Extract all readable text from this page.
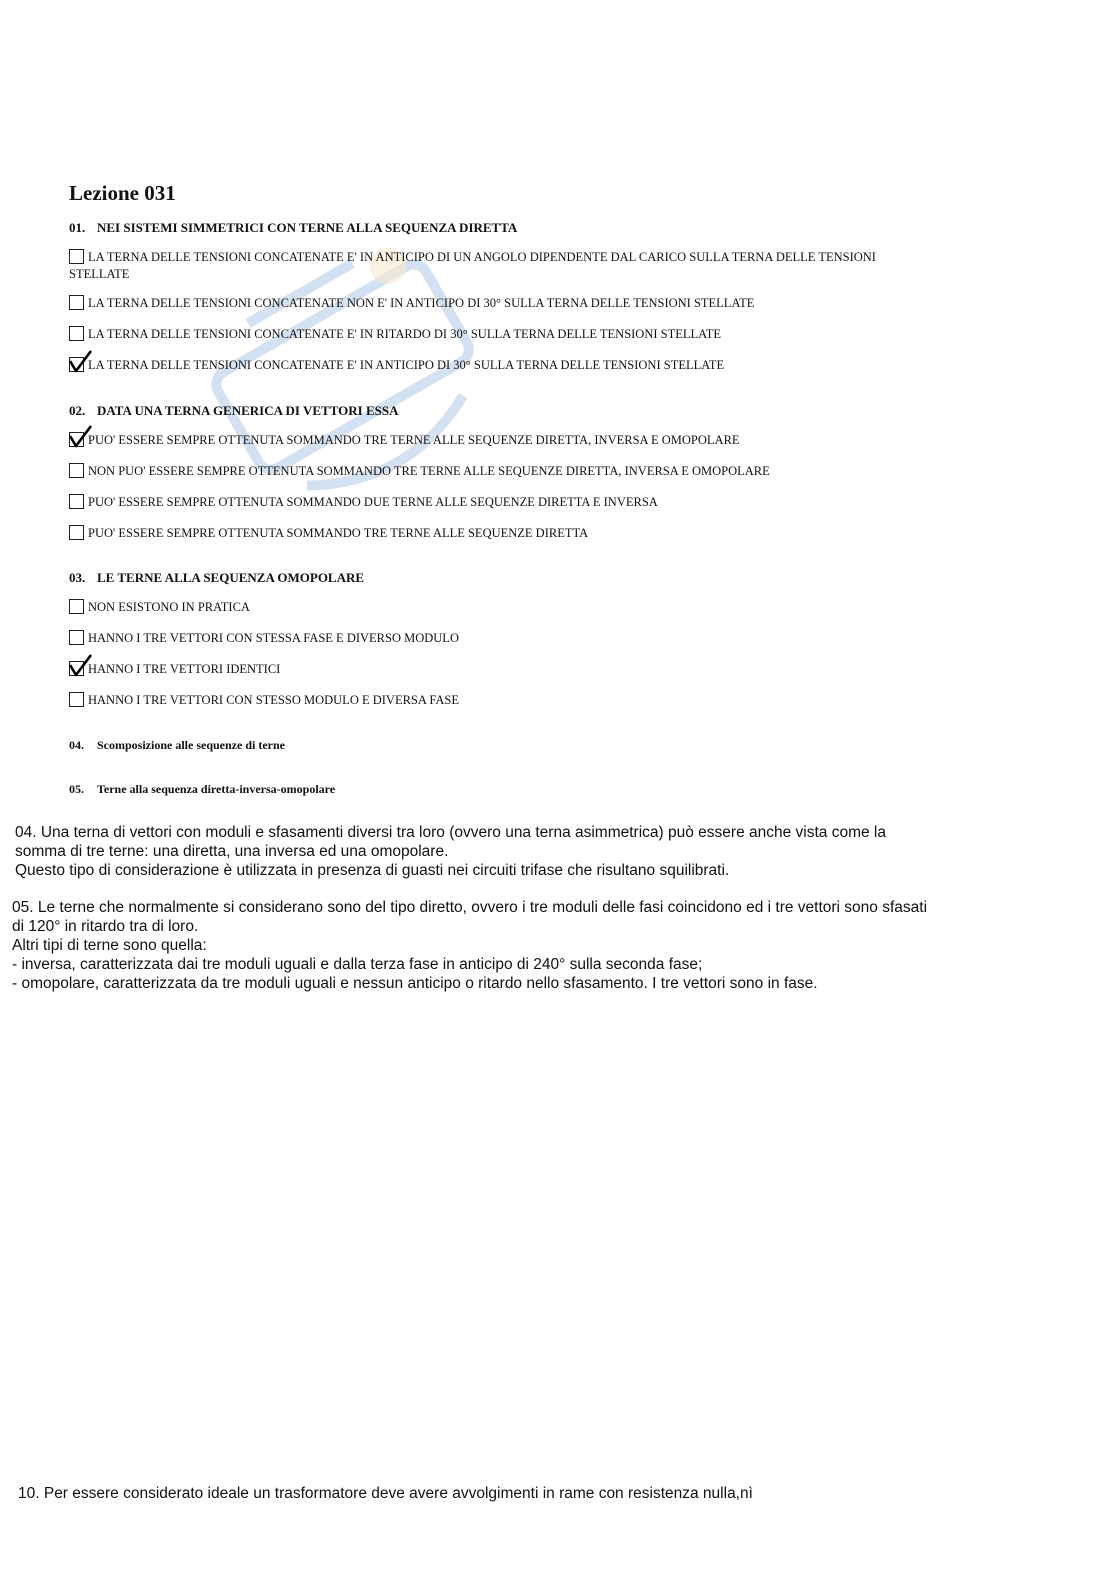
Lezione 031
01. NEI SISTEMI SIMMETRICI CON TERNE ALLA SEQUENZA DIRETTA
LA TERNA DELLE TENSIONI CONCATENATE E' IN ANTICIPO DI UN ANGOLO DIPENDENTE DAL CARICO SULLA TERNA DELLE TENSIONI
STELLATE
LA TERNA DELLE TENSIONI CONCATENATE NON E' IN ANTICIPO DI 30° SULLA TERNA DELLE TENSIONI STELLATE
LA TERNA DELLE TENSIONI CONCATENATE E' IN RITARDO DI 30° SULLA TERNA DELLE TENSIONI STELLATE
LA TERNA DELLE TENSIONI CONCATENATE E' IN ANTICIPO DI 30° SULLA TERNA DELLE TENSIONI STELLATE
02. DATA UNA TERNA GENERICA DI VETTORI ESSA
PUO' ESSERE SEMPRE OTTENUTA SOMMANDO TRE TERNE ALLE SEQUENZE DIRETTA, INVERSA E OMOPOLARE
NON PUO' ESSERE SEMPRE OTTENUTA SOMMANDO TRE TERNE ALLE SEQUENZE DIRETTA, INVERSA E OMOPOLARE
PUO' ESSERE SEMPRE OTTENUTA SOMMANDO DUE TERNE ALLE SEQUENZE DIRETTA E INVERSA
PUO' ESSERE SEMPRE OTTENUTA SOMMANDO TRE TERNE ALLE SEQUENZE DIRETTA
03. LE TERNE ALLA SEQUENZA OMOPOLARE
NON ESISTONO IN PRATICA
HANNO I TRE VETTORI CON STESSA FASE E DIVERSO MODULO
HANNO I TRE VETTORI IDENTICI
HANNO I TRE VETTORI CON STESSO MODULO E DIVERSA FASE
04. Scomposizione alle sequenze di terne
05. Terne alla sequenza diretta-inversa-omopolare
04. Una terna di vettori con moduli e sfasamenti diversi tra loro (ovvero una terna asimmetrica) può essere anche vista come la
somma di tre terne: una diretta, una inversa ed una omopolare.
Questo tipo di considerazione è utilizzata in presenza di guasti nei circuiti trifase che risultano squilibrati.
05. Le terne che normalmente si considerano sono del tipo diretto, ovvero i tre moduli delle fasi coincidono ed i tre vettori sono sfasati
di 120° in ritardo tra di loro.
Altri tipi di terne sono quella:
- inversa, caratterizzata dai tre moduli uguali e dalla terza fase in anticipo di 240° sulla seconda fase;
- omopolare, caratterizzata da tre moduli uguali e nessun anticipo o ritardo nello sfasamento. I tre vettori sono in fase.
10. Per essere considerato ideale un trasformatore deve avere avvolgimenti in rame con resistenza nulla,nì
